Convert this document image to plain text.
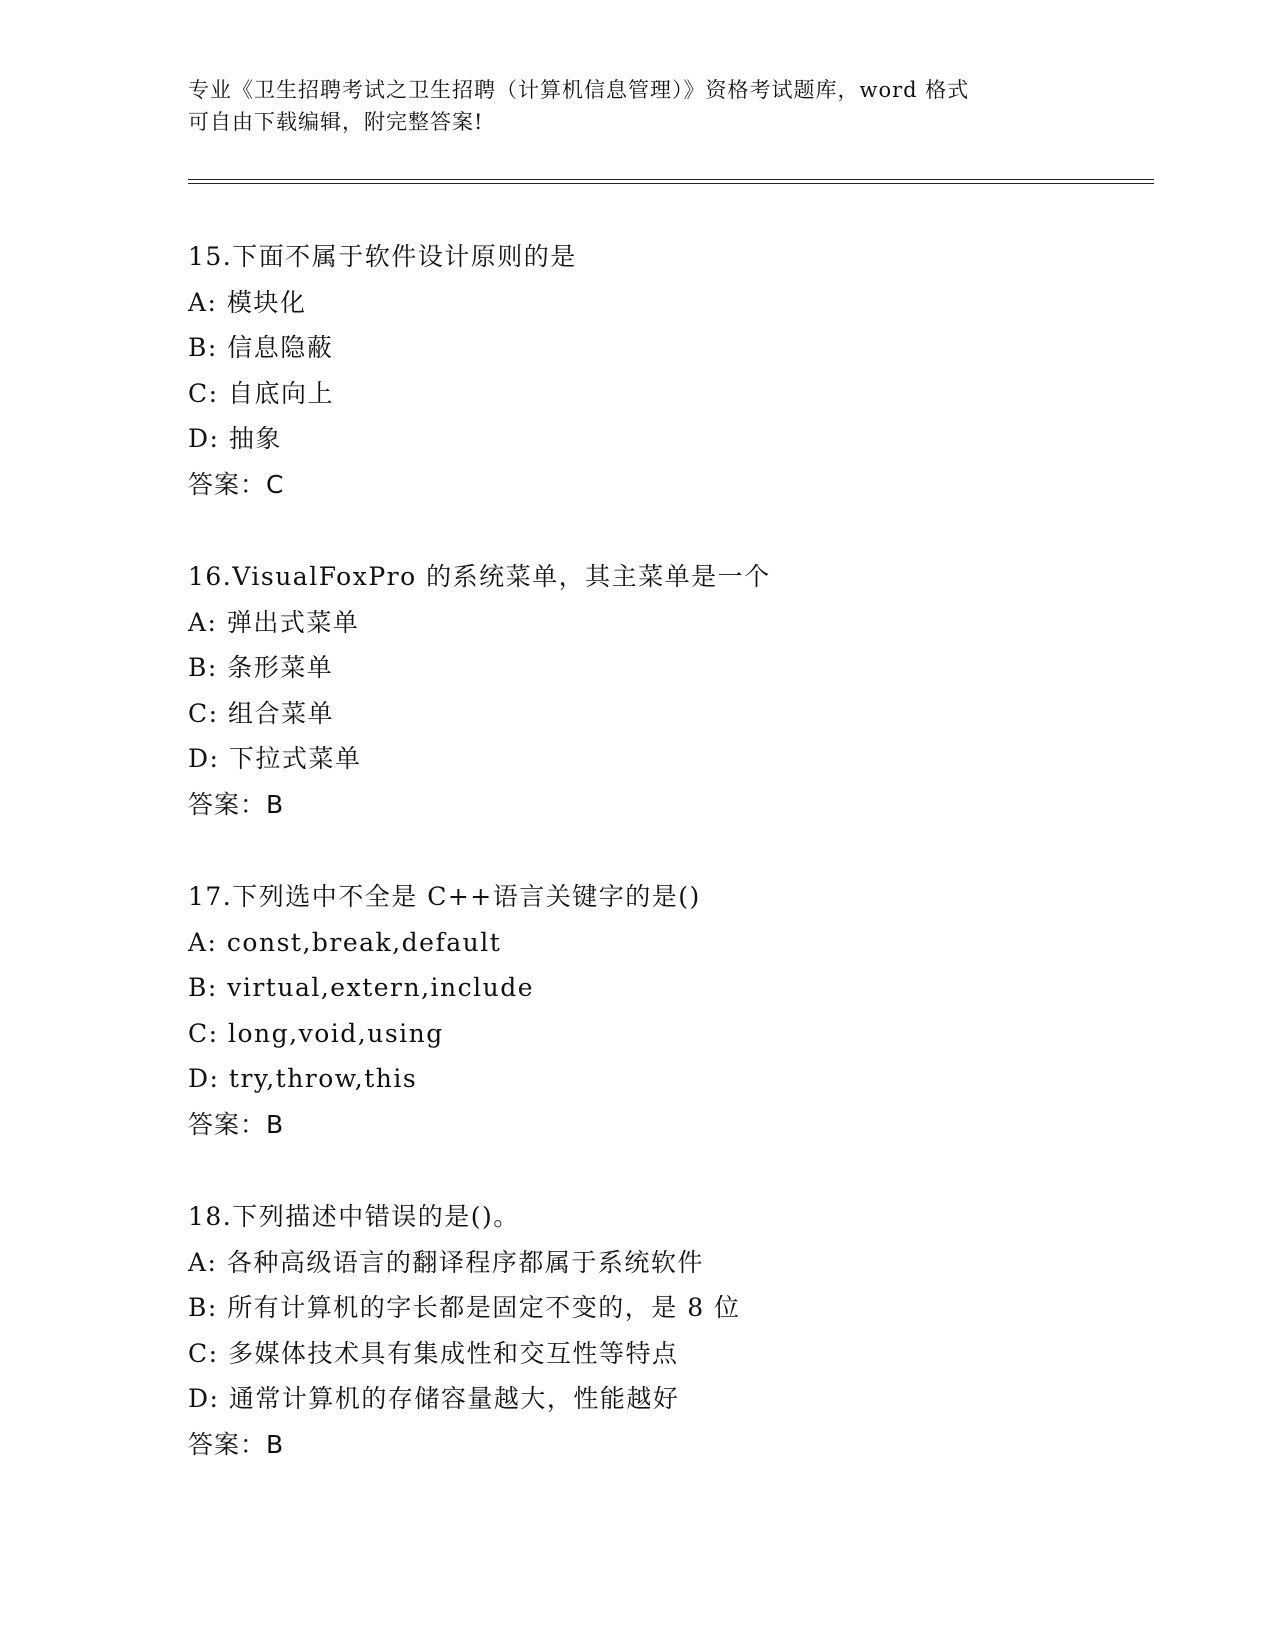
专业《卫生招聘考试之卫生招聘（计算机信息管理）》资格考试题库，word 格式
可自由下载编辑，附完整答案!
15.下面不属于软件设计原则的是
A: 模块化
B: 信息隐蔽
C: 自底向上
D: 抽象
答案：C
16.VisualFoxPro 的系统菜单，其主菜单是一个
A: 弹出式菜单
B: 条形菜单
C: 组合菜单
D: 下拉式菜单
答案：B
17.下列选中不全是 C++语言关键字的是()
A: const,break,default
B: virtual,extern,include
C: long,void,using
D: try,throw,this
答案：B
18.下列描述中错误的是()。
A: 各种高级语言的翻译程序都属于系统软件
B: 所有计算机的字长都是固定不变的，是 8 位
C: 多媒体技术具有集成性和交互性等特点
D: 通常计算机的存储容量越大，性能越好
答案：B
